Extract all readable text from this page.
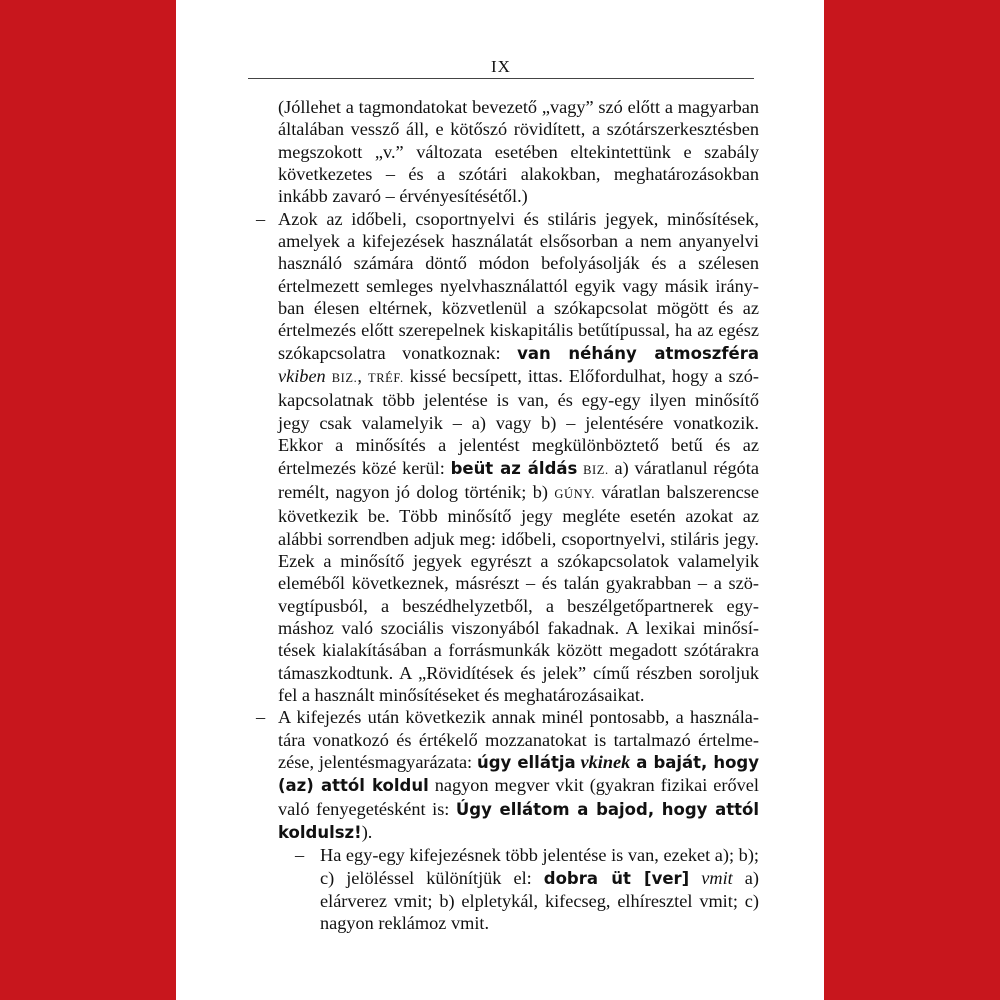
IX

(Jóllehet a tagmondatokat bevezető „vagy” szó előtt a magyarban általában vessző áll, e kötőszó rövidített, a szótárszerkesztésben megszokott „v.” változata esetében eltekintettünk e szabály következetes – és a szótári alakokban, meghatározásokban inkább zavaró – érvényesítésétől.)

– Azok az időbeli, csoportnyelvi és stiláris jegyek, minősítések, amelyek a kifejezések használatát elsősorban a nem anyanyelvi használó számára döntő módon befolyásolják és a szélesen értelmezett semleges nyelvhasználattól egyik vagy másik irányban élesen eltérnek, közvetlenül a szókapcsolat mögött és az értelmezés előtt szerepelnek kiskapitális betűtípussal, ha az egész szókapcsolatra vonatkoznak: van néhány atmoszféra vkiben BIZ., TRÉF. kissé becsípett, ittas. Előfordulhat, hogy a szókapcsolatnak több jelentése is van, és egy-egy ilyen minősítő jegy csak valamelyik – a) vagy b) – jelentésére vonatkozik. Ekkor a minősítés a jelentést megkülönböztető betű és az értelmezés közé kerül: beüt az áldás BIZ. a) váratlanul régóta remélt, nagyon jó dolog történik; b) GÚNY. váratlan balszerencse következik be. Több minősítő jegy megléte esetén azokat az alábbi sorrendben adjuk meg: időbeli, csoportnyelvi, stiláris jegy. Ezek a minősítő jegyek egyrészt a szókapcsolatok valamelyik eleméből következnek, másrészt – és talán gyakrabban – a szövegtípusból, a beszédhelyzetből, a beszélgetőpartnerek egymáshoz való szociális viszonyából fakadnak. A lexikai minősítések kialakításában a forrásmunkák között megadott szótárakra támaszkodtunk. A „Rövidítések és jelek” című részben soroljuk fel a használt minősítéseket és meghatározásaikat.

– A kifejezés után következik annak minél pontosabb, a használatára vonatkozó és értékelő mozzanatokat is tartalmazó értelmezése, jelentésmagyarázata: úgy ellátja vkinek a baját, hogy (az) attól koldul nagyon megver vkit (gyakran fizikai erővel való fenyegetésként is: Úgy ellátom a bajod, hogy attól koldulsz!).

– Ha egy-egy kifejezésnek több jelentése is van, ezeket a); b); c) jelöléssel különítjük el: dobra üt [ver] vmit a) elárverez vmit; b) elpletykál, kifecseg, elhíresztel vmit; c) nagyon reklámoz vmit.
